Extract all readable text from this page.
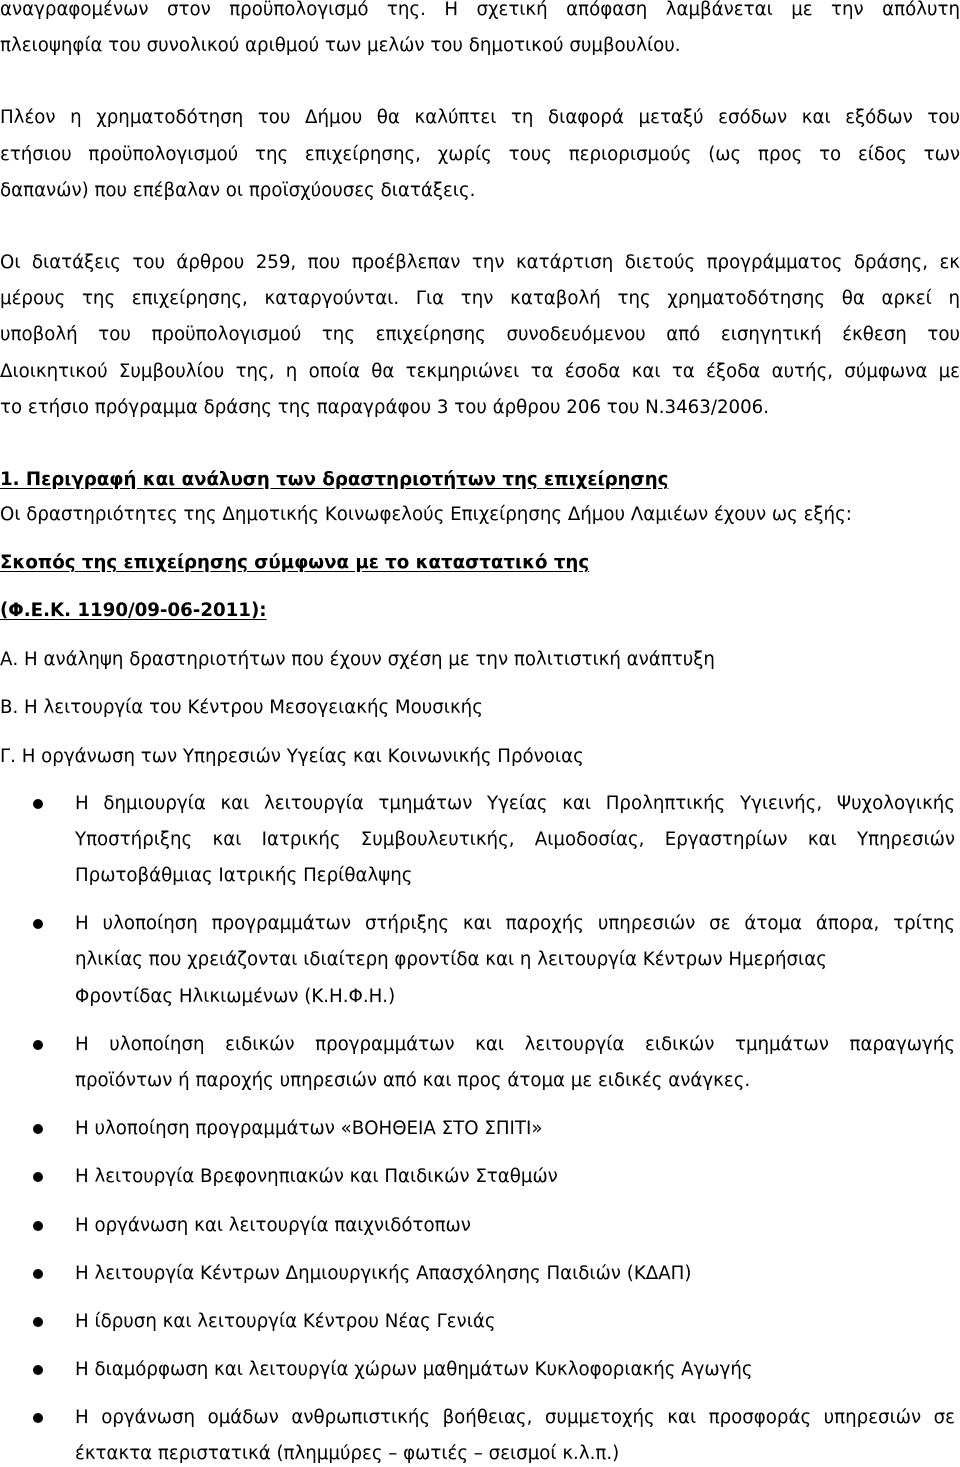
αναγραφομένων στον προϋπολογισμό της. Η σχετική απόφαση λαμβάνεται με την απόλυτη
πλειοψηφία του συνολικού αριθμού των μελών του δημοτικού συμβουλίου.
Πλέον η χρηματοδότηση του Δήμου θα καλύπτει τη διαφορά μεταξύ εσόδων και εξόδων του
ετήσιου προϋπολογισμού της επιχείρησης, χωρίς τους περιορισμούς (ως προς το είδος των
δαπανών) που επέβαλαν οι προϊσχύουσες διατάξεις.
Οι διατάξεις του άρθρου 259, που προέβλεπαν την κατάρτιση διετούς προγράμματος δράσης, εκ
μέρους της επιχείρησης, καταργούνται. Για την καταβολή της χρηματοδότησης θα αρκεί η
υποβολή του προϋπολογισμού της επιχείρησης συνοδευόμενου από εισηγητική έκθεση του
Διοικητικού Συμβουλίου της, η οποία θα τεκμηριώνει τα έσοδα και τα έξοδα αυτής, σύμφωνα με
το ετήσιο πρόγραμμα δράσης της παραγράφου 3 του άρθρου 206 του Ν.3463/2006.
1. Περιγραφή και ανάλυση των δραστηριοτήτων της επιχείρησης
Οι δραστηριότητες της Δημοτικής Κοινωφελούς Επιχείρησης Δήμου Λαμιέων έχουν ως εξής:
Σκοπός της επιχείρησης σύμφωνα με το καταστατικό της
(Φ.Ε.Κ. 1190/09-06-2011):
Α. Η ανάληψη δραστηριοτήτων που έχουν σχέση με την πολιτιστική ανάπτυξη
Β. Η λειτουργία του Κέντρου Μεσογειακής Μουσικής
Γ. Η οργάνωση των Υπηρεσιών Υγείας και Κοινωνικής Πρόνοιας
Η δημιουργία και λειτουργία τμημάτων Υγείας και Προληπτικής Υγιεινής, Ψυχολογικής
Υποστήριξης και Ιατρικής Συμβουλευτικής, Αιμοδοσίας, Εργαστηρίων και Υπηρεσιών
Πρωτοβάθμιας Ιατρικής Περίθαλψης
Η υλοποίηση προγραμμάτων στήριξης και παροχής υπηρεσιών σε άτομα άπορα, τρίτης
ηλικίας που χρειάζονται ιδιαίτερη φροντίδα και η λειτουργία Κέντρων Ημερήσιας
Φροντίδας Ηλικιωμένων (Κ.Η.Φ.Η.)
Η υλοποίηση ειδικών προγραμμάτων και λειτουργία ειδικών τμημάτων παραγωγής
προϊόντων ή παροχής υπηρεσιών από και προς άτομα με ειδικές ανάγκες.
Η υλοποίηση προγραμμάτων «ΒΟΗΘΕΙΑ ΣΤΟ ΣΠΙΤΙ»
Η λειτουργία Βρεφονηπιακών και Παιδικών Σταθμών
Η οργάνωση και λειτουργία παιχνιδότοπων
Η λειτουργία Κέντρων Δημιουργικής Απασχόλησης Παιδιών (ΚΔΑΠ)
Η ίδρυση και λειτουργία Κέντρου Νέας Γενιάς
Η διαμόρφωση και λειτουργία χώρων μαθημάτων Κυκλοφοριακής Αγωγής
Η οργάνωση ομάδων ανθρωπιστικής βοήθειας, συμμετοχής και προσφοράς υπηρεσιών σε
έκτακτα περιστατικά (πλημμύρες – φωτιές – σεισμοί κ.λ.π.)
